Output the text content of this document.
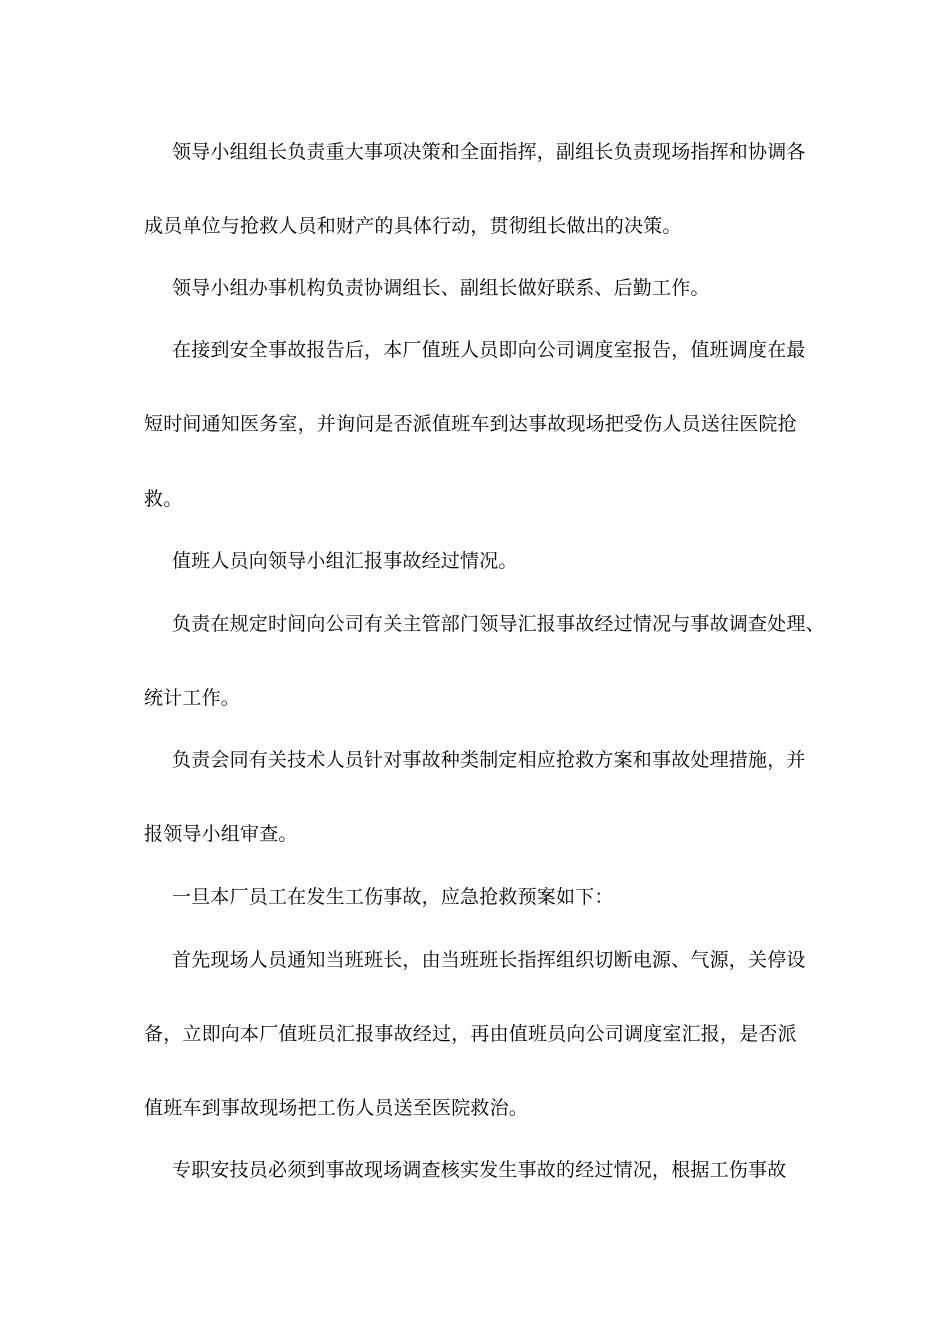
领导小组组长负责重大事项决策和全面指挥，副组长负责现场指挥和协调各
成员单位与抢救人员和财产的具体行动，贯彻组长做出的决策。
领导小组办事机构负责协调组长、副组长做好联系、后勤工作。
在接到安全事故报告后，本厂值班人员即向公司调度室报告，值班调度在最
短时间通知医务室，并询问是否派值班车到达事故现场把受伤人员送往医院抢
救。
值班人员向领导小组汇报事故经过情况。
负责在规定时间向公司有关主管部门领导汇报事故经过情况与事故调查处理、
统计工作。
负责会同有关技术人员针对事故种类制定相应抢救方案和事故处理措施，并
报领导小组审查。
一旦本厂员工在发生工伤事故，应急抢救预案如下：
首先现场人员通知当班班长，由当班班长指挥组织切断电源、气源，关停设
备，立即向本厂值班员汇报事故经过，再由值班员向公司调度室汇报，是否派
值班车到事故现场把工伤人员送至医院救治。
专职安技员必须到事故现场调查核实发生事故的经过情况，根据工伤事故
